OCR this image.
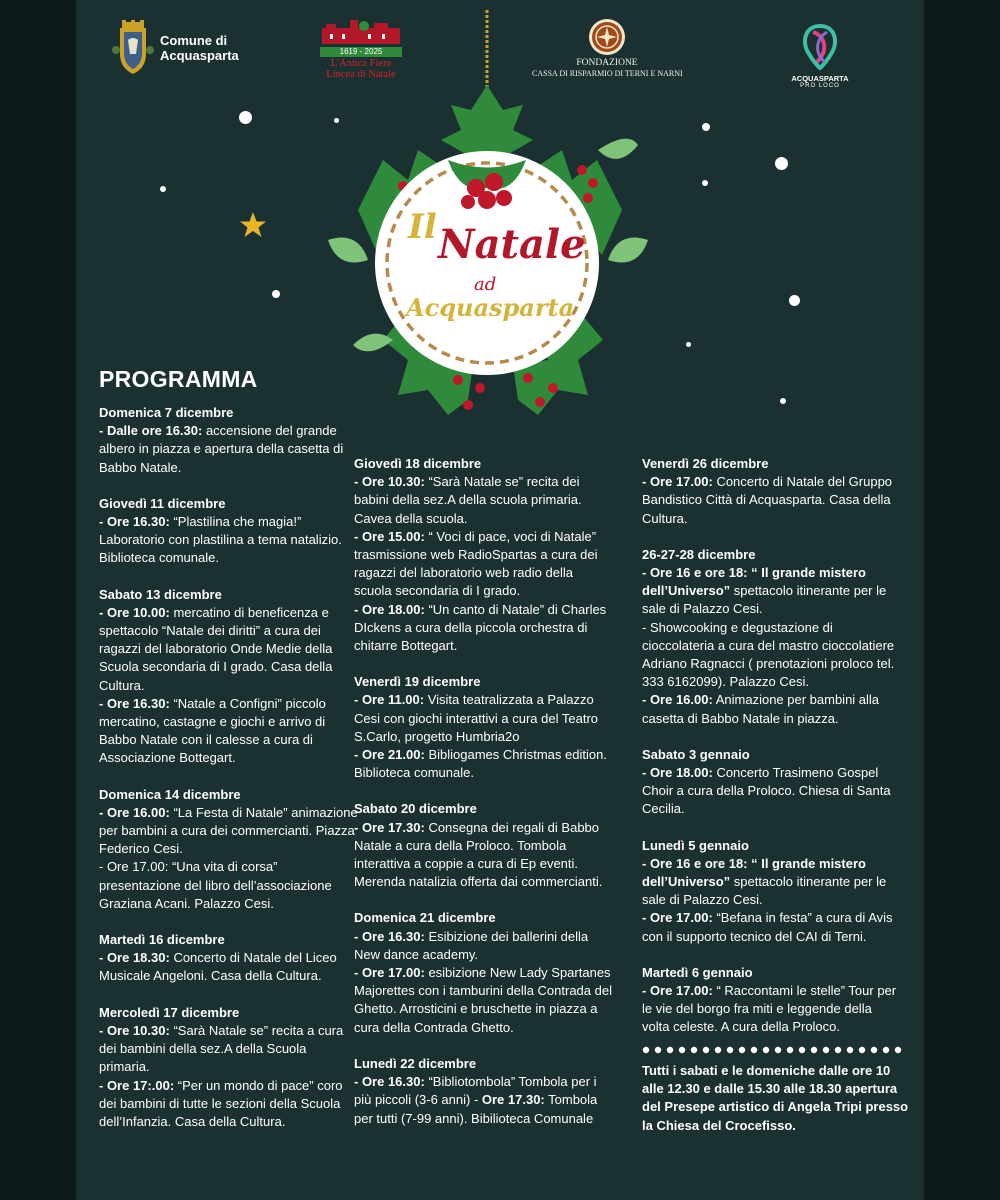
Comune di
Acquasparta	1619 - 2025
L'Antica Fiera
Lincea di Natale
FONDAZIONE
CASSA DI RISPARMIO DI TERNI E NARNI
ACQUASPARTA
PRO LOCO
Il Natale
ad
Acquasparta
PROGRAMMA
Domenica 7 dicembre
- Dalle ore 16.30: accensione del grande albero in piazza e apertura della casetta di Babbo Natale.
Giovedì 11 dicembre
- Ore 16.30: “Plastilina che magia!” Laboratorio con plastilina a tema natalizio. Biblioteca comunale.
Sabato 13 dicembre
- Ore 10.00: mercatino di beneficenza e spettacolo “Natale dei diritti” a cura dei ragazzi del laboratorio Onde Medie della Scuola secondaria di I grado. Casa della Cultura.
- Ore 16.30: “Natale a Configni” piccolo mercatino, castagne e giochi e arrivo di Babbo Natale con il calesse a cura di Associazione Bottegart.
Domenica 14 dicembre
- Ore 16.00: “La Festa di Natale” animazione per bambini a cura dei commercianti. Piazza Federico Cesi.
- Ore 17.00: “Una vita di corsa” presentazione del libro dell’associazione Graziana Acani. Palazzo Cesi.
Martedì 16 dicembre
- Ore 18.30: Concerto di Natale del Liceo Musicale Angeloni. Casa della Cultura.
Mercoledì 17 dicembre
- Ore 10.30: “Sarà Natale se” recita a cura dei bambini della sez.A della Scuola primaria.
- Ore 17:.00: “Per un mondo di pace” coro dei bambini di tutte le sezioni della Scuola dell’Infanzia. Casa della Cultura.
Giovedì 18 dicembre
- Ore 10.30: “Sarà Natale se” recita dei babini della sez.A della scuola primaria. Cavea della scuola.
- Ore 15.00: “ Voci di pace, voci di Natale” trasmissione web RadioSpartas a cura dei ragazzi del laboratorio web radio della scuola secondaria di I grado.
- Ore 18.00: “Un canto di Natale” di Charles DIckens a cura della piccola orchestra di chitarre Bottegart.
Venerdì 19 dicembre
- Ore 11.00: Visita teatralizzata a Palazzo Cesi con giochi interattivi a cura del Teatro S.Carlo, progetto Humbria2o
- Ore 21.00: Bibliogames Christmas edition. Biblioteca comunale.
Sabato 20 dicembre
- Ore 17.30: Consegna dei regali di Babbo Natale a cura della Proloco. Tombola interattiva a coppie a cura di Ep eventi. Merenda natalizia offerta dai commercianti.
Domenica 21 dicembre
- Ore 16.30: Esibizione dei ballerini della New dance academy.
- Ore 17.00: esibizione New Lady Spartanes Majorettes con i tamburini della Contrada del Ghetto. Arrosticini e bruschette in piazza a cura della Contrada Ghetto.
Lunedì 22 dicembre
- Ore 16.30: “Bibliotombola” Tombola per i più piccoli (3-6 anni) - Ore 17.30: Tombola per tutti (7-99 anni). Bibilioteca Comunale
Venerdì 26 dicembre
- Ore 17.00: Concerto di Natale del Gruppo Bandistico Città di Acquasparta. Casa della Cultura.
26-27-28 dicembre
- Ore 16 e ore 18: “ Il grande mistero dell’Universo” spettacolo itinerante per le sale di Palazzo Cesi.
- Showcooking e degustazione di cioccolateria a cura del mastro cioccolatiere Adriano Ragnacci ( prenotazioni proloco tel. 333 6162099). Palazzo Cesi.
- Ore 16.00: Animazione per bambini alla casetta di Babbo Natale in piazza.
Sabato 3 gennaio
- Ore 18.00: Concerto Trasimeno Gospel Choir a cura della Proloco. Chiesa di Santa Cecilia.
Lunedì 5 gennaio
- Ore 16 e ore 18: “ Il grande mistero dell’Universo” spettacolo itinerante per le sale di Palazzo Cesi.
- Ore 17.00: “Befana in festa” a cura di Avis con il supporto tecnico del CAI di Terni.
Martedì 6 gennaio
- Ore 17.00: “ Raccontami le stelle” Tour per le vie del borgo fra miti e leggende della volta celeste. A cura della Proloco.
Tutti i sabati e le domeniche dalle ore 10 alle 12.30 e dalle 15.30 alle 18.30 apertura del Presepe artistico di Angela Tripi presso la Chiesa del Crocefisso.
